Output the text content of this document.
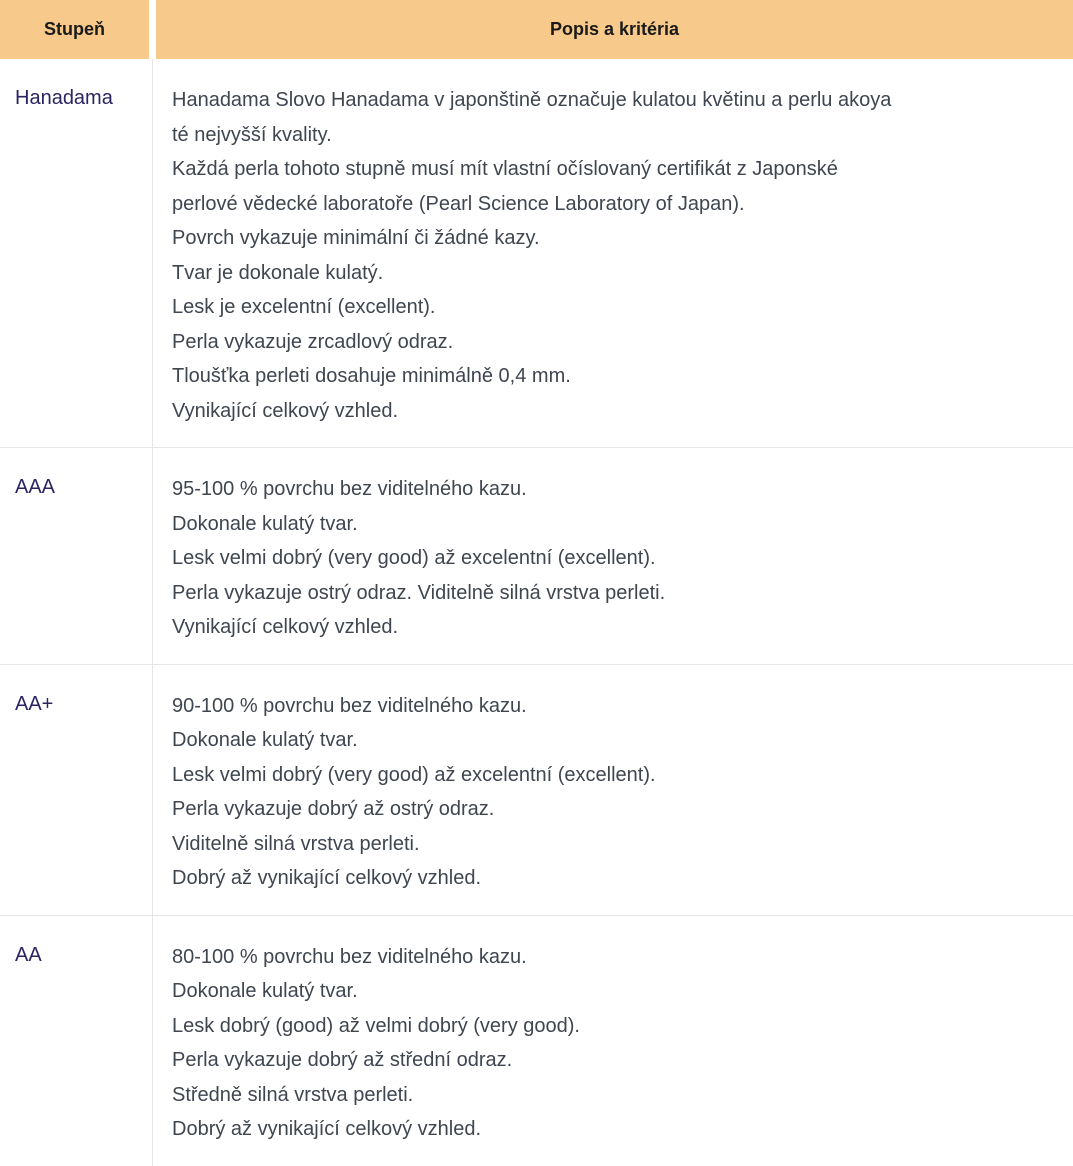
Stupeň	Popis a kritéria
Hanadama	Hanadama Slovo Hanadama v japonštině označuje kulatou květinu a perlu akoya
té nejvyšší kvality.
Každá perla tohoto stupně musí mít vlastní očíslovaný certifikát z Japonské
perlové vědecké laboratoře (Pearl Science Laboratory of Japan).
Povrch vykazuje minimální či žádné kazy.
Tvar je dokonale kulatý.
Lesk je excelentní (excellent).
Perla vykazuje zrcadlový odraz.
Tloušťka perleti dosahuje minimálně 0,4 mm.
Vynikající celkový vzhled.
AAA	95-100 % povrchu bez viditelného kazu.
Dokonale kulatý tvar.
Lesk velmi dobrý (very good) až excelentní (excellent).
Perla vykazuje ostrý odraz. Viditelně silná vrstva perleti.
Vynikající celkový vzhled.
AA+	90-100 % povrchu bez viditelného kazu.
Dokonale kulatý tvar.
Lesk velmi dobrý (very good) až excelentní (excellent).
Perla vykazuje dobrý až ostrý odraz.
Viditelně silná vrstva perleti.
Dobrý až vynikající celkový vzhled.
AA	80-100 % povrchu bez viditelného kazu.
Dokonale kulatý tvar.
Lesk dobrý (good) až velmi dobrý (very good).
Perla vykazuje dobrý až střední odraz.
Středně silná vrstva perleti.
Dobrý až vynikající celkový vzhled.
